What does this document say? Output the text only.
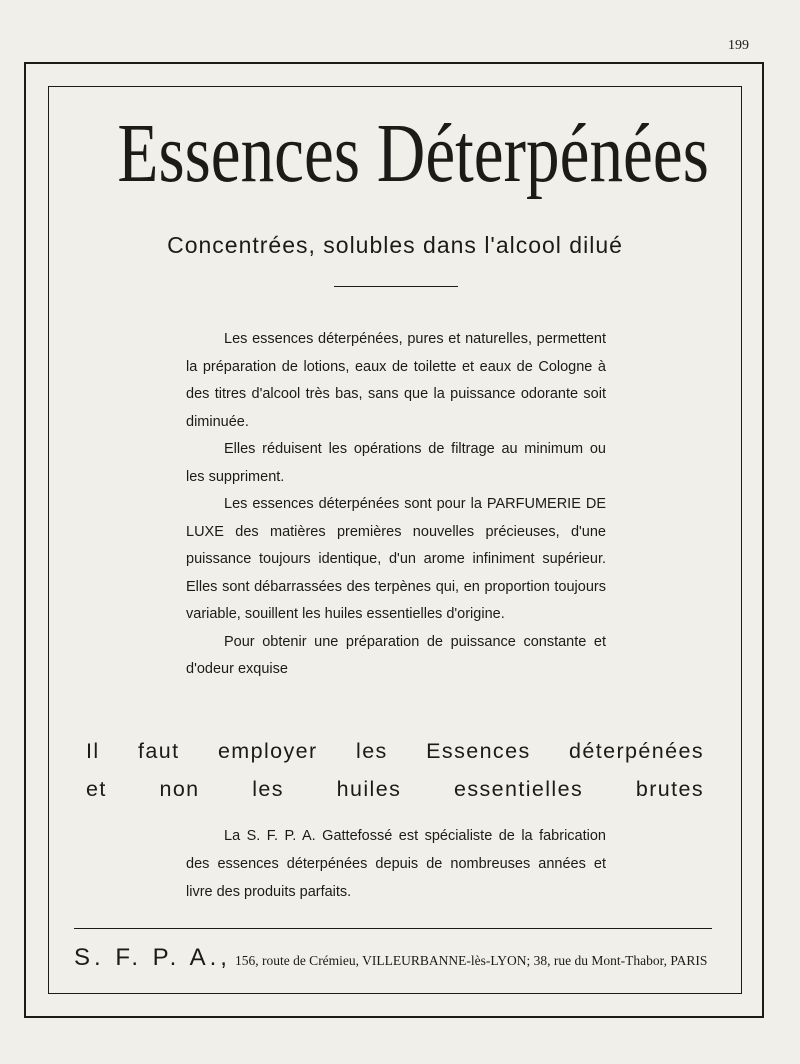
199
Essences Déterpénées
Concentrées, solubles dans l'alcool dilué

Les essences déterpénées, pures et naturelles, permettent la préparation de lotions, eaux de toilette et eaux de Cologne à des titres d'alcool très bas, sans que la puissance odorante soit diminuée.

Elles réduisent les opérations de filtrage au minimum ou les suppriment.

Les essences déterpénées sont pour la PARFUMERIE DE LUXE des matières premières nouvelles précieuses, d'une puissance toujours identique, d'un arome infiniment supérieur. Elles sont débarrassées des terpènes qui, en proportion toujours variable, souillent les huiles essentielles d'origine.

Pour obtenir une préparation de puissance constante et d'odeur exquise

Il faut employer les Essences déterpénées
et non les huiles essentielles brutes

La S. F. P. A. Gattefossé est spécialiste de la fabrication des essences déterpénées depuis de nombreuses années et livre des produits parfaits.

S. F. P. A., 156, route de Crémieu, VILLEURBANNE-lès-LYON; 38, rue du Mont-Thabor, PARIS
